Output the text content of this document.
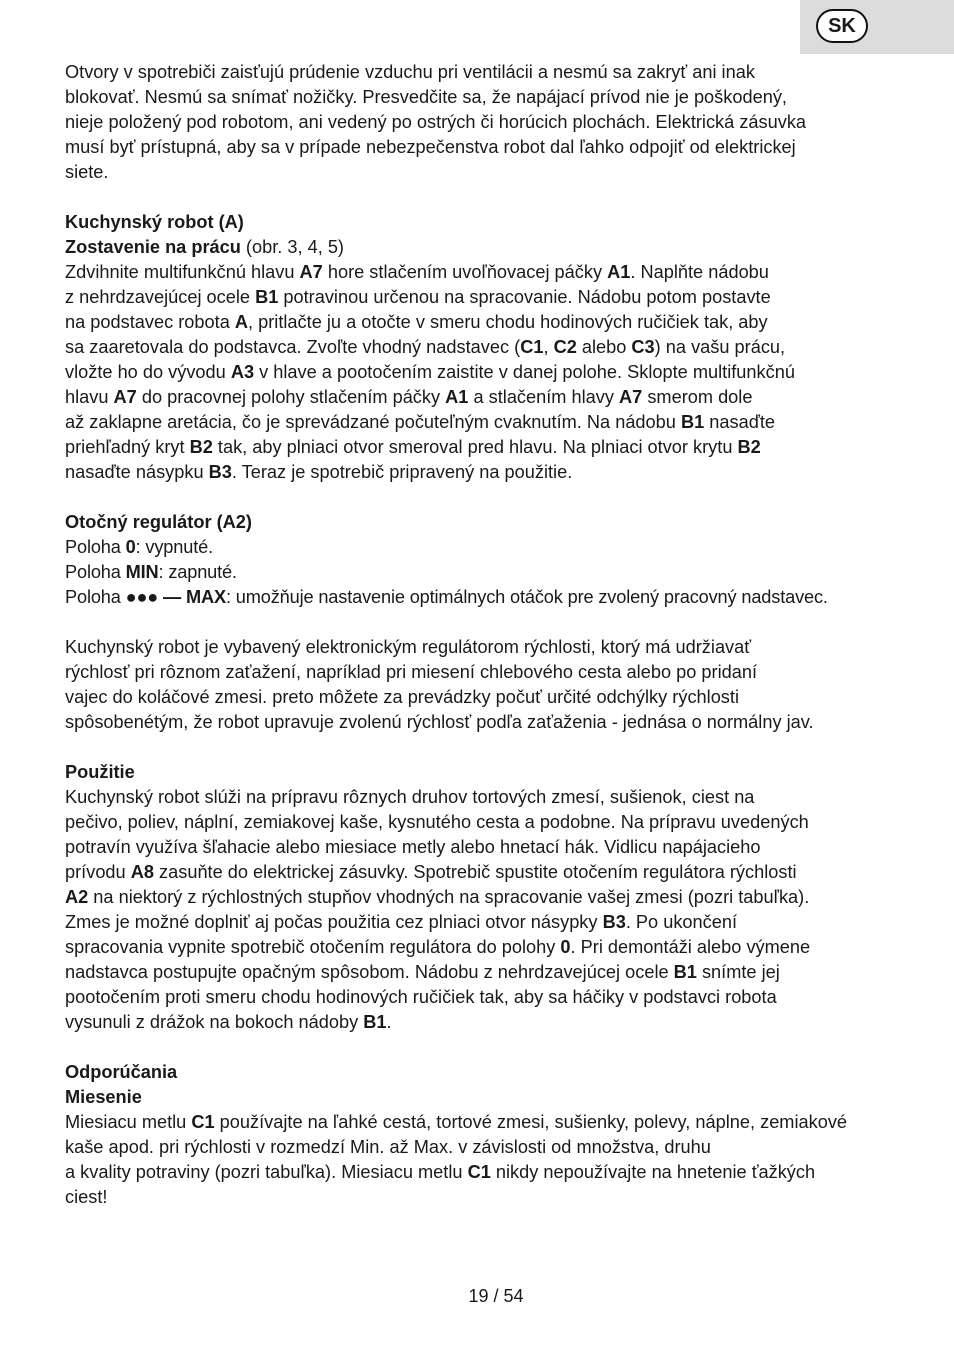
SK

Otvory v spotrebiči zaisťujú prúdenie vzduchu pri ventilácii a nesmú sa zakryť ani inak

blokovať. Nesmú sa snímať nožičky. Presvedčite sa, že napájací prívod nie je poškodený,

nieje položený pod robotom, ani vedený po ostrých či horúcich plochách. Elektrická zásuvka

musí byť prístupná, aby sa v prípade nebezpečenstva robot dal ľahko odpojiť od elektrickej

siete.

Kuchynský robot (A)

Zostavenie na prácu (obr. 3, 4, 5)

Zdvihnite multifunkčnú hlavu A7 hore stlačením uvoľňovacej páčky A1. Naplňte nádobu

z nehrdzavejúcej ocele B1 potravinou určenou na spracovanie. Nádobu potom postavte

na podstavec robota A, pritlačte ju a otočte v smeru chodu hodinových ručičiek tak, aby

sa zaaretovala do podstavca. Zvoľte vhodný nadstavec (C1, C2 alebo C3) na vašu prácu,

vložte ho do vývodu A3 v hlave a pootočením zaistite v danej polohe. Sklopte multifunkčnú

hlavu A7 do pracovnej polohy stlačením páčky A1 a stlačením hlavy A7 smerom dole

až zaklapne aretácia, čo je sprevádzané počuteľným cvaknutím. Na nádobu B1 nasaďte

priehľadný kryt B2 tak, aby plniaci otvor smeroval pred hlavu. Na plniaci otvor krytu B2

nasaďte násypku B3. Teraz je spotrebič pripravený na použitie.

Otočný regulátor (A2)

Poloha 0: vypnuté.

Poloha MIN: zapnuté.

Poloha ●●● — MAX: umožňuje nastavenie optimálnych otáčok pre zvolený pracovný nadstavec.

Kuchynský robot je vybavený elektronickým regulátorom rýchlosti, ktorý má udržiavať

rýchlosť pri rôznom zaťažení, napríklad pri miesení chlebového cesta alebo po pridaní

vajec do koláčové zmesi. preto môžete za prevádzky počuť určité odchýlky rýchlosti

spôsobenétým, že robot upravuje zvolenú rýchlosť podľa zaťaženia - jednása o normálny jav.

Použitie

Kuchynský robot slúži na prípravu rôznych druhov tortových zmesí, sušienok, ciest na

pečivo, poliev, náplní, zemiakovej kaše, kysnutého cesta a podobne. Na prípravu uvedených

potravín využíva šľahacie alebo miesiace metly alebo hnetací hák. Vidlicu napájacieho

prívodu A8 zasuňte do elektrickej zásuvky. Spotrebič spustite otočením regulátora rýchlosti

A2 na niektorý z rýchlostných stupňov vhodných na spracovanie vašej zmesi (pozri tabuľka).

Zmes je možné doplniť aj počas použitia cez plniaci otvor násypky B3. Po ukončení

spracovania vypnite spotrebič otočením regulátora do polohy 0. Pri demontáži alebo výmene

nadstavca postupujte opačným spôsobom. Nádobu z nehrdzavejúcej ocele B1 snímte jej

pootočením proti smeru chodu hodinových ručičiek tak, aby sa háčiky v podstavci robota

vysunuli z drážok na bokoch nádoby B1.

Odporúčania

Miesenie

Miesiacu metlu C1 používajte na ľahké cestá, tortové zmesi, sušienky, polevy, náplne, zemiakové

kaše apod. pri rýchlosti v rozmedzí Min. až Max. v závislosti od množstva, druhu

a kvality potraviny (pozri tabuľka). Miesiacu metlu C1 nikdy nepoužívajte na hnetenie ťažkých

ciest!

19 / 54
